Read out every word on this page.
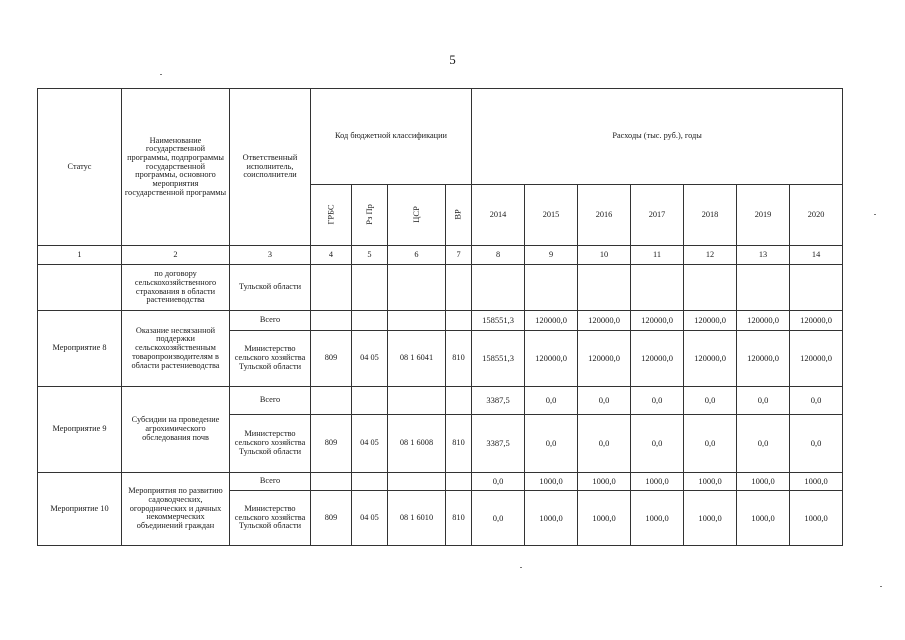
5
Статус	Наименование государственной программы, подпрограммы государственной программы, основного мероприятия государственной программы	Ответственный исполнитель, соисполнители	Код бюджетной классификации				Расходы (тыс. руб.), годы						
			ГРБС	Рз Пр	ЦСР	ВР	2014	2015	2016	2017	2018	2019	2020
1	2	3	4	5	6	7	8	9	10	11	12	13	14
	по договору сельскохозяйственного страхования в области растениеводства	Тульской области											
Мероприятие 8	Оказание несвязанной поддержки сельскохозяйственным товаропроизводителям в области растениеводства	Всего					158551,3	120000,0	120000,0	120000,0	120000,0	120000,0	120000,0
		Министерство сельского хозяйства Тульской области	809	04 05	08 1 6041	810	158551,3	120000,0	120000,0	120000,0	120000,0	120000,0	120000,0
Мероприятие 9	Субсидии на проведение агрохимического обследования почв	Всего					3387,5	0,0	0,0	0,0	0,0	0,0	0,0
		Министерство сельского хозяйства Тульской области	809	04 05	08 1 6008	810	3387,5	0,0	0,0	0,0	0,0	0,0	0,0
Мероприятие 10	Мероприятия по развитию садоводческих, огороднических и дачных некоммерческих объединений граждан	Всего					0,0	1000,0	1000,0	1000,0	1000,0	1000,0	1000,0
		Министерство сельского хозяйства Тульской области	809	04 05	08 1 6010	810	0,0	1000,0	1000,0	1000,0	1000,0	1000,0	1000,0
